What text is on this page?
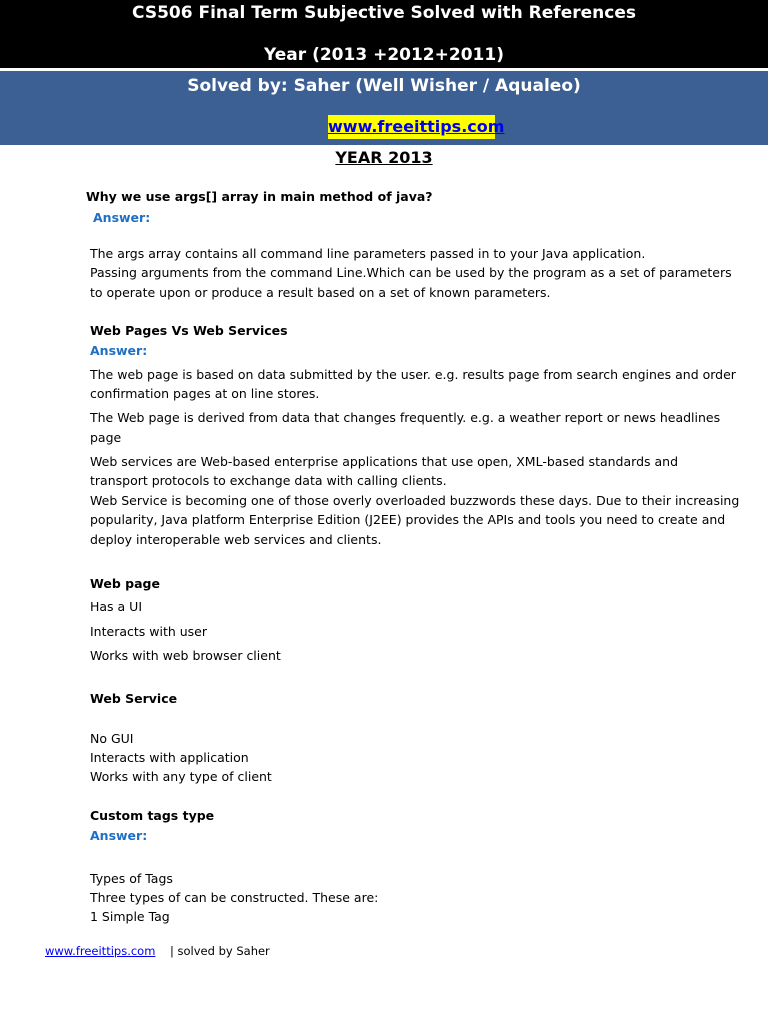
CS506 Final Term Subjective Solved with References
Year (2013 +2012+2011)
Solved by: Saher (Well Wisher / Aqualeo)
www.freeittips.com
YEAR 2013
Why we use args[] array in main method of java?
Answer:
The args array contains all command line parameters passed in to your Java application.
Passing arguments from the command Line.Which can be used by the program as a set of parameters
to operate upon or produce a result based on a set of known parameters.
Web Pages Vs Web Services
Answer:
The web page is based on data submitted by the user. e.g. results page from search engines and order
confirmation pages at on line stores.
The Web page is derived from data that changes frequently. e.g. a weather report or news headlines
page
Web services are Web-based enterprise applications that use open, XML-based standards and
transport protocols to exchange data with calling clients.
Web Service is becoming one of those overly overloaded buzzwords these days. Due to their increasing
popularity, Java platform Enterprise Edition (J2EE) provides the APIs and tools you need to create and
deploy interoperable web services and clients.
Web page
Has a UI
Interacts with user
Works with web browser client
Web Service
No GUI
Interacts with application
Works with any type of client
Custom tags type
Answer:
Types of Tags
Three types of can be constructed. These are:
1 Simple Tag
www.freeittips.com | solved by Saher
